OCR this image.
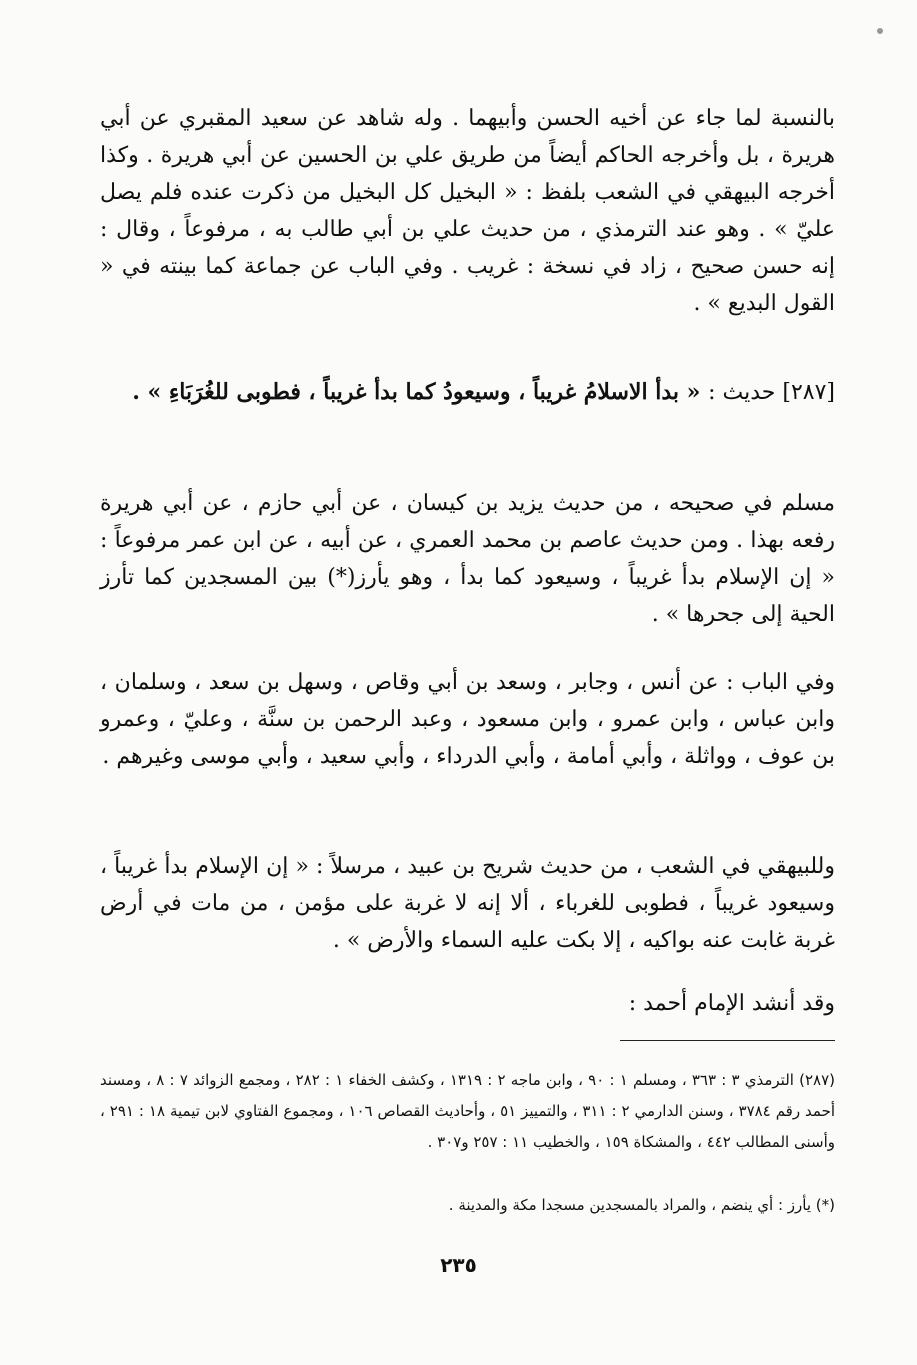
بالنسبة لما جاء عن أخيه الحسن وأبيهما . وله شاهد عن سعيد المقبري عن أبي هريرة ، بل وأخرجه الحاكم أيضاً من طريق علي بن الحسين عن أبي هريرة . وكذا أخرجه البيهقي في الشعب بلفظ : « البخيل كل البخيل من ذكرت عنده فلم يصل عليّ » . وهو عند الترمذي ، من حديث علي بن أبي طالب به ، مرفوعاً ، وقال : إنه حسن صحيح ، زاد في نسخة : غريب . وفي الباب عن جماعة كما بينته في « القول البديع » .

[٢٨٧] حديث : « بدأ الاسلامُ غريباً ، وسيعودُ كما بدأ غريباً ، فطوبى للغُرَبَاءِ » .

مسلم في صحيحه ، من حديث يزيد بن كيسان ، عن أبي حازم ، عن أبي هريرة رفعه بهذا . ومن حديث عاصم بن محمد العمري ، عن أبيه ، عن ابن عمر مرفوعاً : « إن الإسلام بدأ غريباً ، وسيعود كما بدأ ، وهو يأرز(*) بين المسجدين كما تأرز الحية إلى جحرها » .

وفي الباب : عن أنس ، وجابر ، وسعد بن أبي وقاص ، وسهل بن سعد ، وسلمان ، وابن عباس ، وابن عمرو ، وابن مسعود ، وعبد الرحمن بن سنَّة ، وعليّ ، وعمرو بن عوف ، وواثلة ، وأبي أمامة ، وأبي الدرداء ، وأبي سعيد ، وأبي موسى وغيرهم .

وللبيهقي في الشعب ، من حديث شريح بن عبيد ، مرسلاً : « إن الإسلام بدأ غريباً ، وسيعود غريباً ، فطوبى للغرباء ، ألا إنه لا غربة على مؤمن ، من مات في أرض غربة غابت عنه بواكيه ، إلا بكت عليه السماء والأرض » .

وقد أنشد الإمام أحمد :

(٢٨٧) الترمذي ٣ : ٣٦٣ ، ومسلم ١ : ٩٠ ، وابن ماجه ٢ : ١٣١٩ ، وكشف الخفاء ١ : ٢٨٢ ، ومجمع الزوائد ٧ : ٨ ، ومسند أحمد رقم ٣٧٨٤ ، وسنن الدارمي ٢ : ٣١١ ، والتمييز ٥١ ، وأحاديث القصاص ١٠٦ ، ومجموع الفتاوي لابن تيمية ١٨ : ٢٩١ ، وأسنى المطالب ٤٤٢ ، والمشكاة ١٥٩ ، والخطيب ١١ : ٢٥٧ و٣٠٧ .

(*) يأرز : أي ينضم ، والمراد بالمسجدين مسجدا مكة والمدينة .

٢٣٥
